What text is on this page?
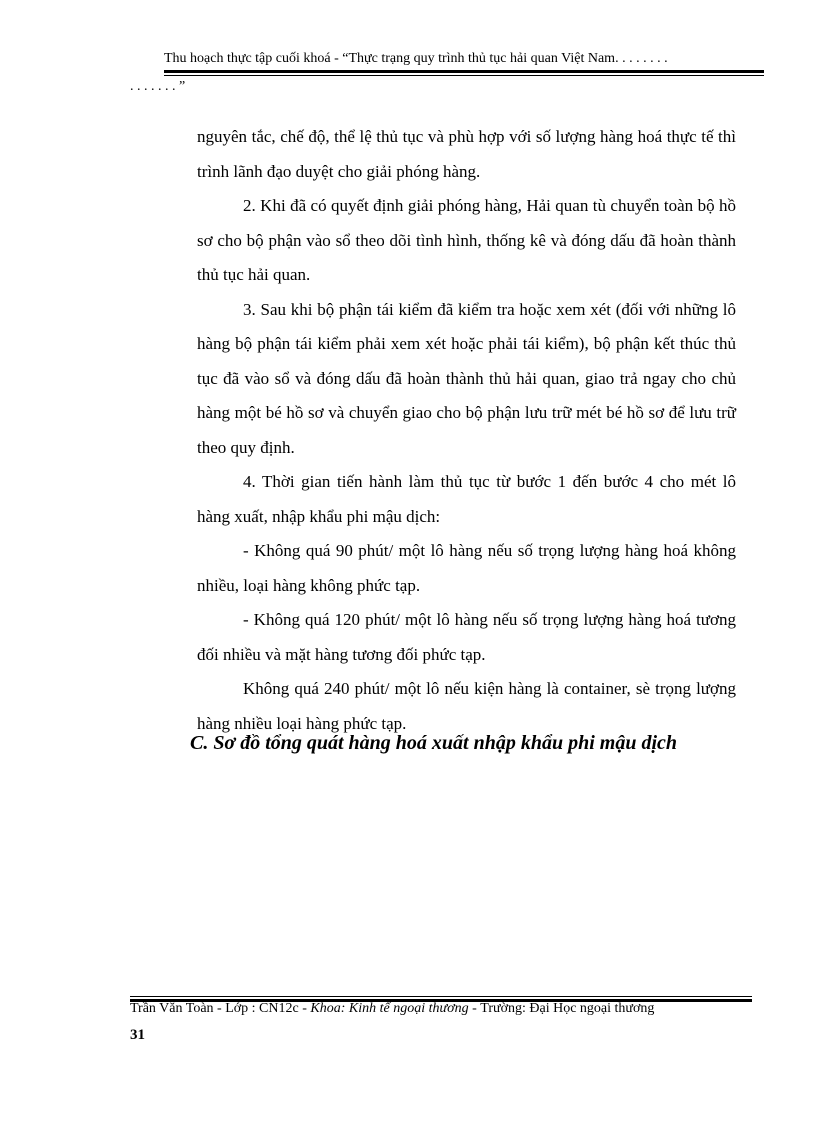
Thu hoạch thực tập cuối khoá - “Thực trạng quy trình thủ tục hải quan Việt Nam. . . . . . . .
. . . . . . . ”

nguyên tắc, chế độ, thể lệ thủ tục và phù hợp với số lượng hàng hoá thực tế thì trình lãnh đạo duyệt cho giải phóng hàng.

2. Khi đã có quyết định giải phóng hàng, Hải quan tù chuyển toàn bộ hồ sơ cho bộ phận vào sổ theo dõi tình hình, thống kê và đóng dấu đã hoàn thành thủ tục hải quan.

3. Sau khi bộ phận tái kiểm đã kiểm tra hoặc xem xét (đối với những lô hàng bộ phận tái kiểm phải xem xét hoặc phải tái kiểm), bộ phận kết thúc thủ tục đã vào sổ và đóng dấu đã hoàn thành thủ hải quan, giao trả ngay cho chủ hàng một bé hồ sơ và chuyển giao cho bộ phận lưu trữ mét bé hồ sơ để lưu trữ theo quy định.

4. Thời gian tiến hành làm thủ tục từ bước 1 đến bước 4 cho mét lô hàng xuất, nhập khẩu phi mậu dịch:

- Không quá 90 phút/ một lô hàng nếu số trọng lượng hàng hoá không nhiều, loại hàng không phức tạp.

- Không quá 120 phút/ một lô hàng nếu số trọng lượng hàng hoá tương đối nhiều và mặt hàng tương đối phức tạp.

Không quá 240 phút/ một lô nếu kiện hàng là container, sè trọng lượng hàng nhiều loại hàng phức tạp.

C. Sơ đồ tổng quát hàng hoá xuất nhập khẩu phi mậu dịch
Trần Văn Toàn - Lớp : CN12c - Khoa: Kinh tế ngoại thương - Trường: Đại Học ngoại thương
31
